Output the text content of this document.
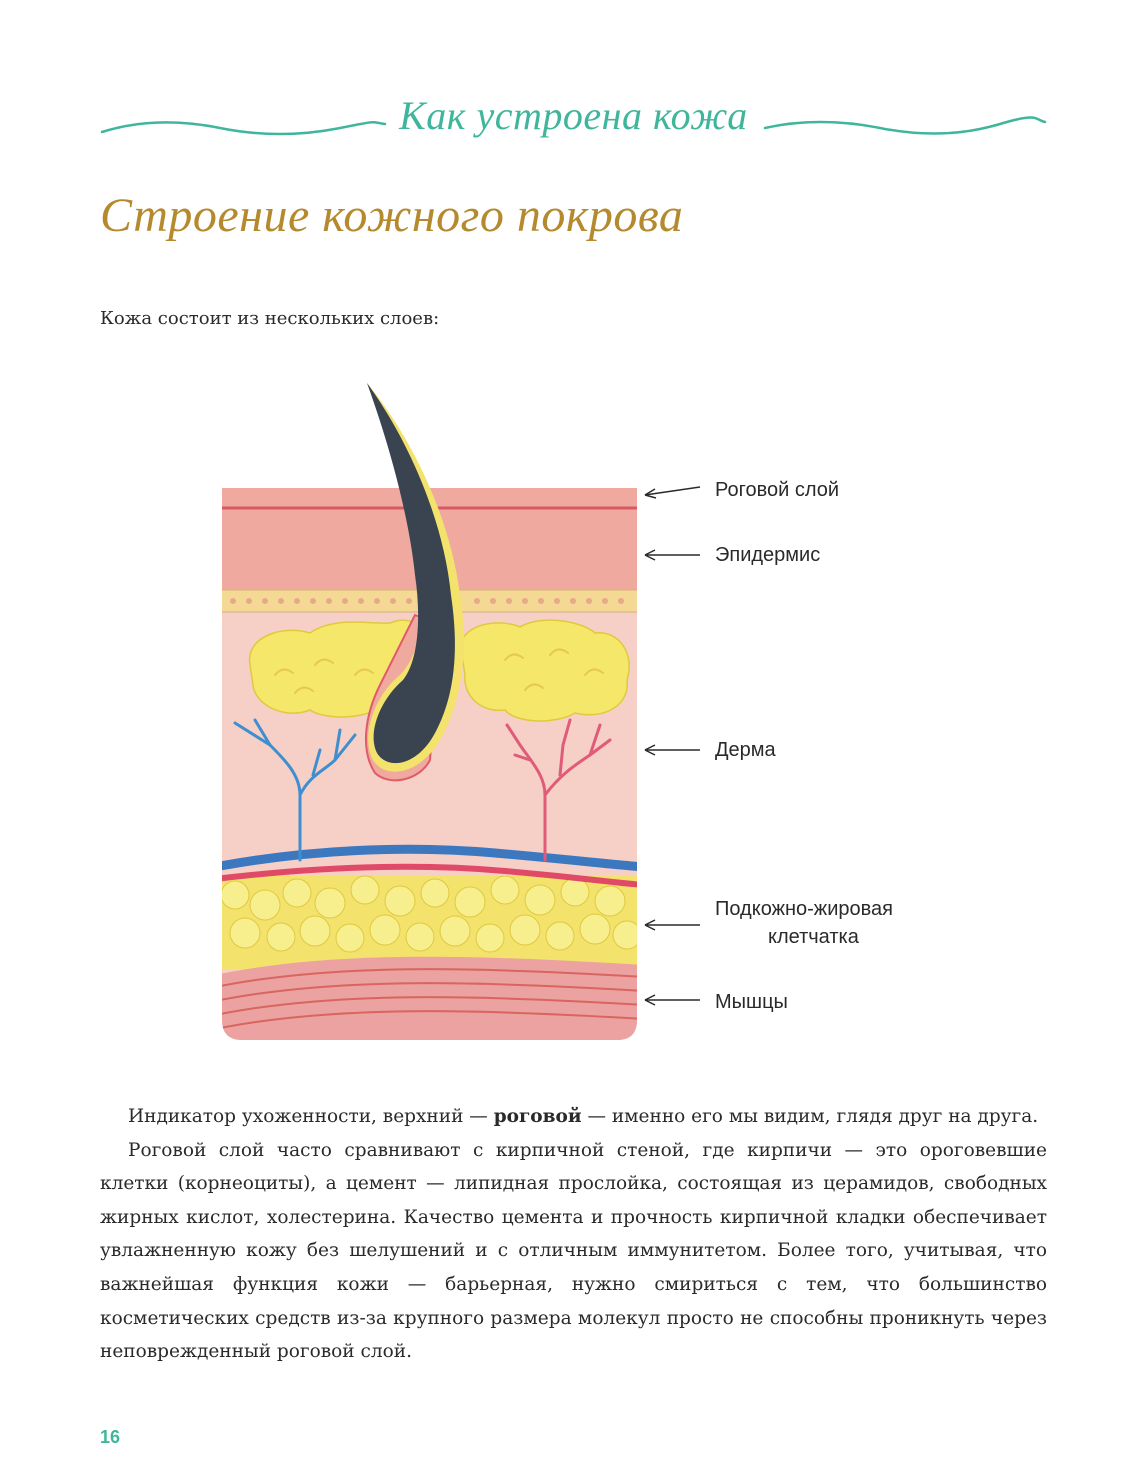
Как устроена кожа
Строение кожного покрова
Кожа состоит из нескольких слоев:
Роговой слой
Эпидермис
Дерма
Подкожно-жировая
клетчатка
Мышцы

Индикатор ухоженности, верхний — роговой — именно его мы видим, глядя друг на друга.

Роговой слой часто сравнивают с кирпичной стеной, где кирпичи — это ороговевшие клетки (корнеоциты), а цемент — липидная прослойка, состоящая из церамидов, свободных жирных кислот, холестерина. Качество цемента и прочность кирпичной кладки обеспечивает увлажненную кожу без шелушений и с отличным иммунитетом. Более того, учитывая, что важнейшая функция кожи — барьерная, нужно смириться с тем, что большинство косметических средств из-за крупного размера молекул просто не способны проникнуть через неповрежденный роговой слой.

16
